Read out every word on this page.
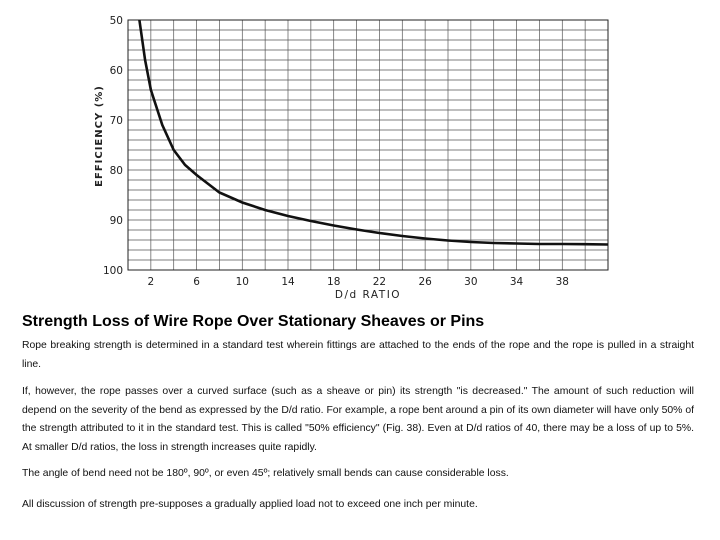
2	6	10	14	18	22	26	30	34	38
50
60
70
80
90
100
D/d RATIO
EFFICIENCY (%)
Strength Loss of Wire Rope Over Stationary Sheaves or Pins

Rope breaking strength is determined in a standard test wherein fittings are attached to the ends of the rope and the rope is pulled in a straight line.

If, however, the rope passes over a curved surface (such as a sheave or pin) its strength "is decreased." The amount of such reduction will depend on the severity of the bend as expressed by the D/d ratio. For example, a rope bent around a pin of its own diameter will have only 50% of the strength attributed to it in the standard test. This is called "50% efficiency" (Fig. 38). Even at D/d ratios of 40, there may be a loss of up to 5%. At smaller D/d ratios, the loss in strength increases quite rapidly.

The angle of bend need not be 180º, 90º, or even 45º; relatively small bends can cause considerable loss.

All discussion of strength pre-supposes a gradually applied load not to exceed one inch per minute.
